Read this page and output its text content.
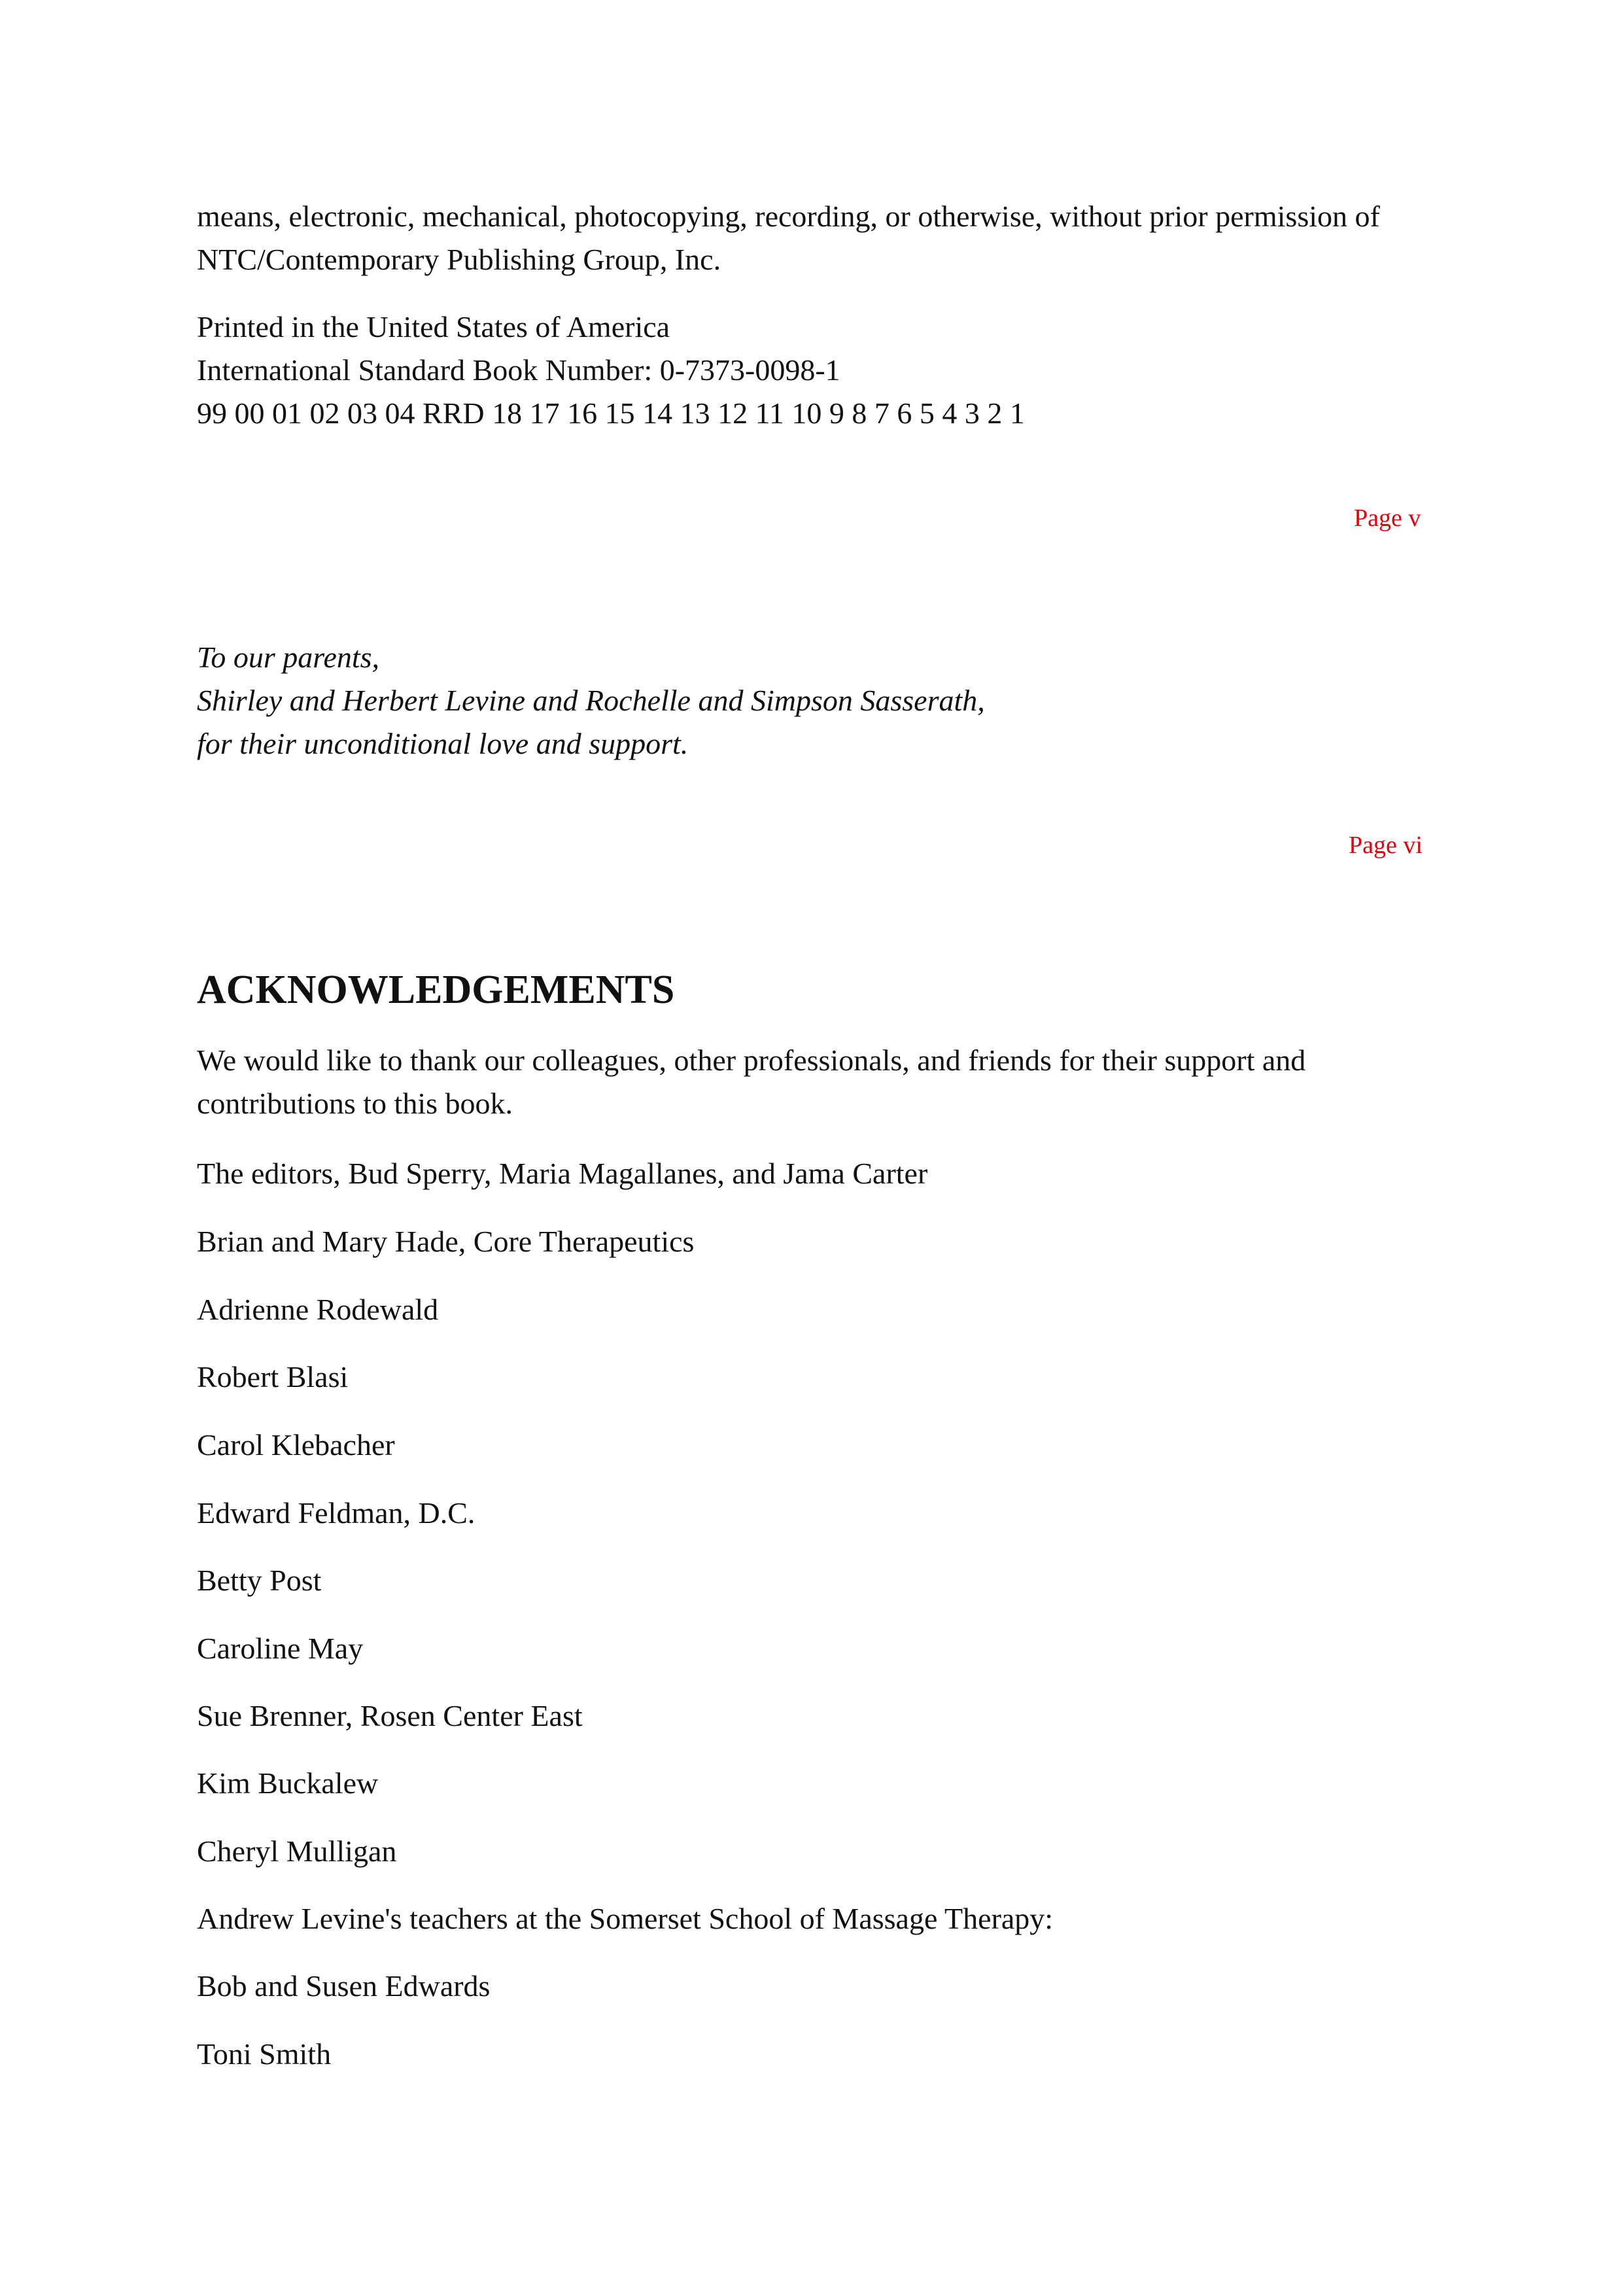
means, electronic, mechanical, photocopying, recording, or otherwise, without prior permission of
NTC/Contemporary Publishing Group, Inc.

Printed in the United States of America
International Standard Book Number: 0-7373-0098-1
99 00 01 02 03 04 RRD 18 17 16 15 14 13 12 11 10 9 8 7 6 5 4 3 2 1

Page v

To our parents,
Shirley and Herbert Levine and Rochelle and Simpson Sasserath,
for their unconditional love and support.

Page vi
ACKNOWLEDGEMENTS

We would like to thank our colleagues, other professionals, and friends for their support and
contributions to this book.

The editors, Bud Sperry, Maria Magallanes, and Jama Carter

Brian and Mary Hade, Core Therapeutics

Adrienne Rodewald

Robert Blasi

Carol Klebacher

Edward Feldman, D.C.

Betty Post

Caroline May

Sue Brenner, Rosen Center East

Kim Buckalew

Cheryl Mulligan

Andrew Levine's teachers at the Somerset School of Massage Therapy:

Bob and Susen Edwards

Toni Smith
